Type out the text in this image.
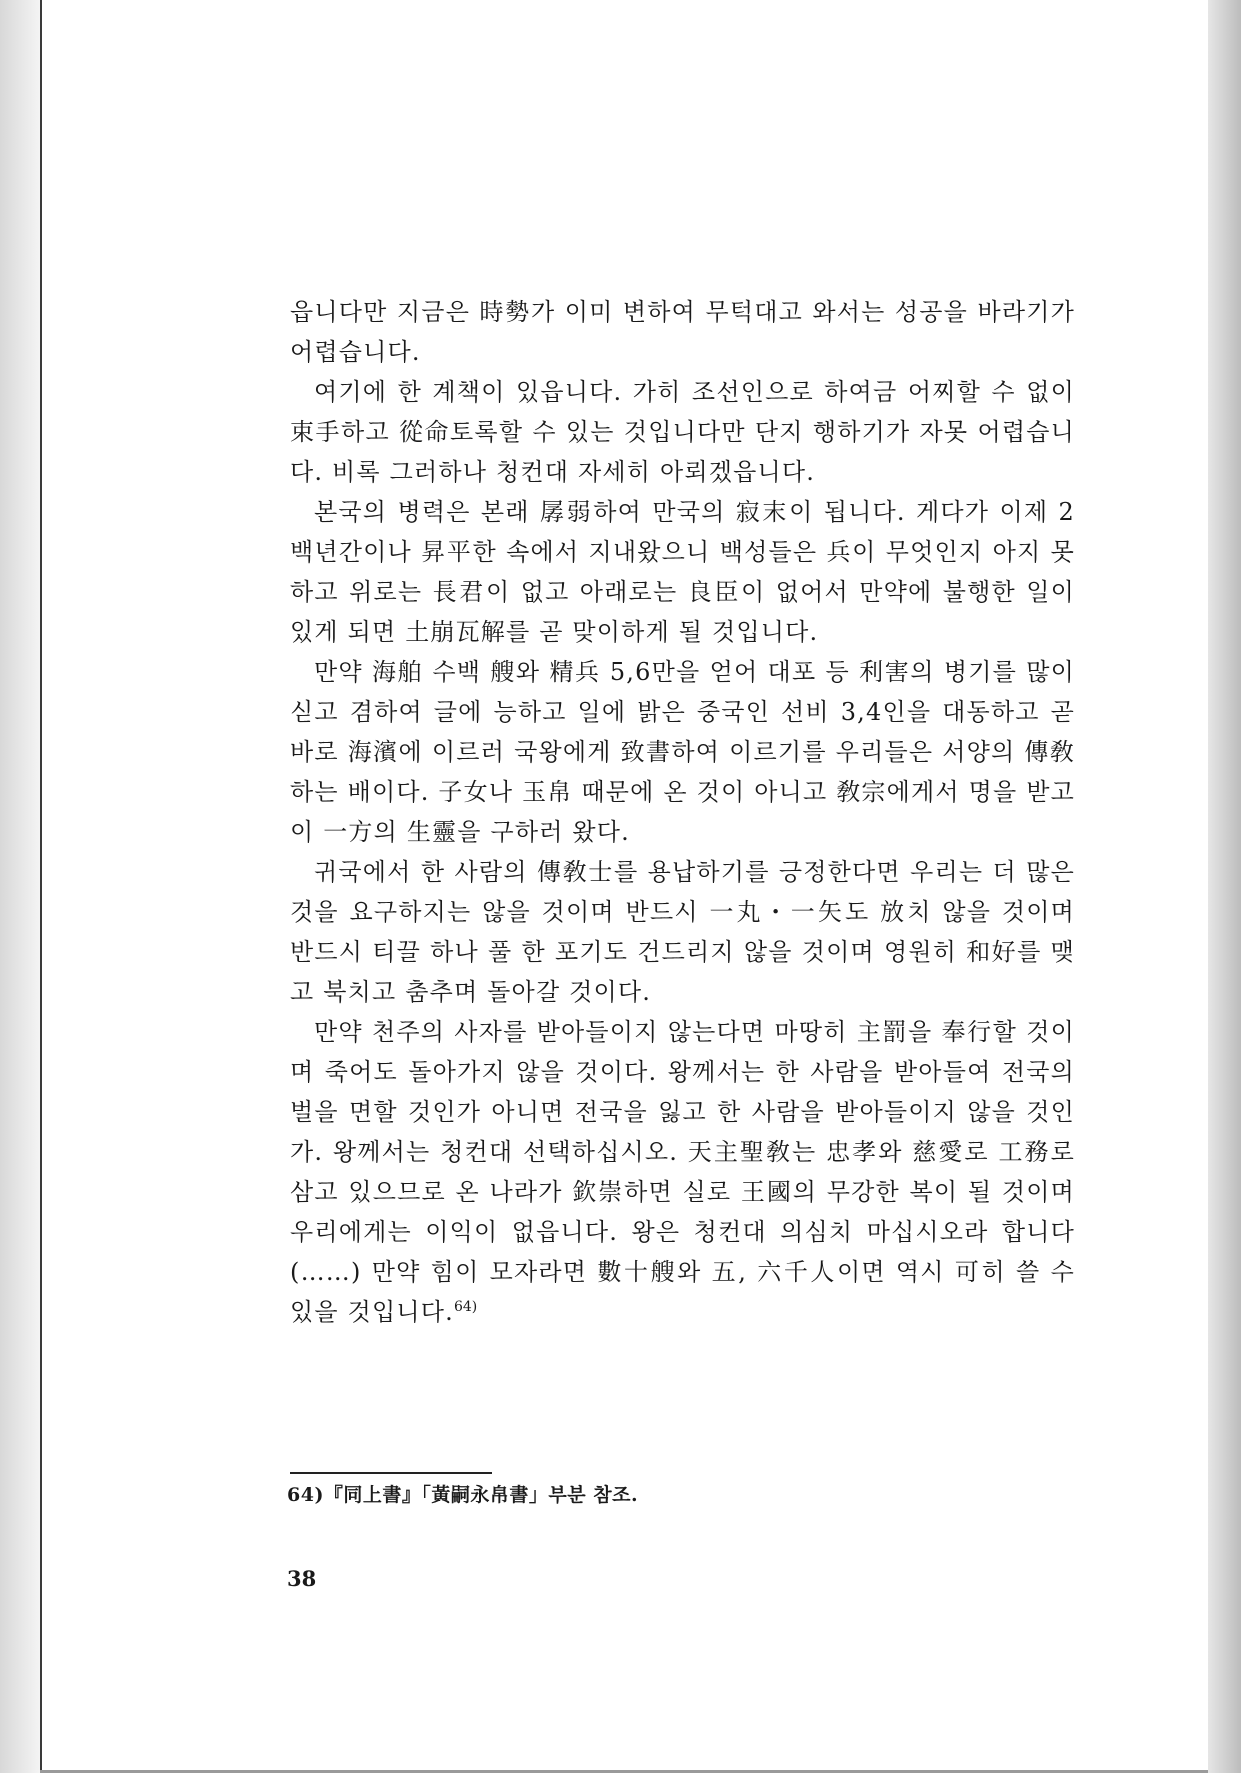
읍니다만 지금은 時勢가 이미 변하여 무턱대고 와서는 성공을 바라기가 어렵습니다.

여기에 한 계책이 있읍니다. 가히 조선인으로 하여금 어찌할 수 없이 束手하고 從命토록할 수 있는 것입니다만 단지 행하기가 자못 어렵습니다. 비록 그러하나 청컨대 자세히 아뢰겠읍니다.

본국의 병력은 본래 孱弱하여 만국의 寂末이 됩니다. 게다가 이제 2백년간이나 昇平한 속에서 지내왔으니 백성들은 兵이 무엇인지 아지 못하고 위로는 長君이 없고 아래로는 良臣이 없어서 만약에 불행한 일이 있게 되면 土崩瓦解를 곧 맞이하게 될 것입니다.

만약 海舶 수백 艘와 精兵 5,6만을 얻어 대포 등 利害의 병기를 많이 싣고 겸하여 글에 능하고 일에 밝은 중국인 선비 3,4인을 대동하고 곧바로 海濱에 이르러 국왕에게 致書하여 이르기를 우리들은 서양의 傳敎하는 배이다. 子女나 玉帛 때문에 온 것이 아니고 敎宗에게서 명을 받고 이 一方의 生靈을 구하러 왔다.

귀국에서 한 사람의 傳敎士를 용납하기를 긍정한다면 우리는 더 많은 것을 요구하지는 않을 것이며 반드시 一丸・一矢도 放치 않을 것이며 반드시 티끌 하나 풀 한 포기도 건드리지 않을 것이며 영원히 和好를 맺고 북치고 춤추며 돌아갈 것이다.

만약 천주의 사자를 받아들이지 않는다면 마땅히 主罰을 奉行할 것이며 죽어도 돌아가지 않을 것이다. 왕께서는 한 사람을 받아들여 전국의 벌을 면할 것인가 아니면 전국을 잃고 한 사람을 받아들이지 않을 것인가. 왕께서는 청컨대 선택하십시오. 天主聖敎는 忠孝와 慈愛로 工務로 삼고 있으므로 온 나라가 欽崇하면 실로 王國의 무강한 복이 될 것이며 우리에게는 이익이 없읍니다. 왕은 청컨대 의심치 마십시오라 합니다 (……) 만약 힘이 모자라면 數十艘와 五, 六千人이면 역시 可히 쓸 수 있을 것입니다.$^{64)}$

64)『同上書』「黃嗣永帛書」부분 참조.
38
